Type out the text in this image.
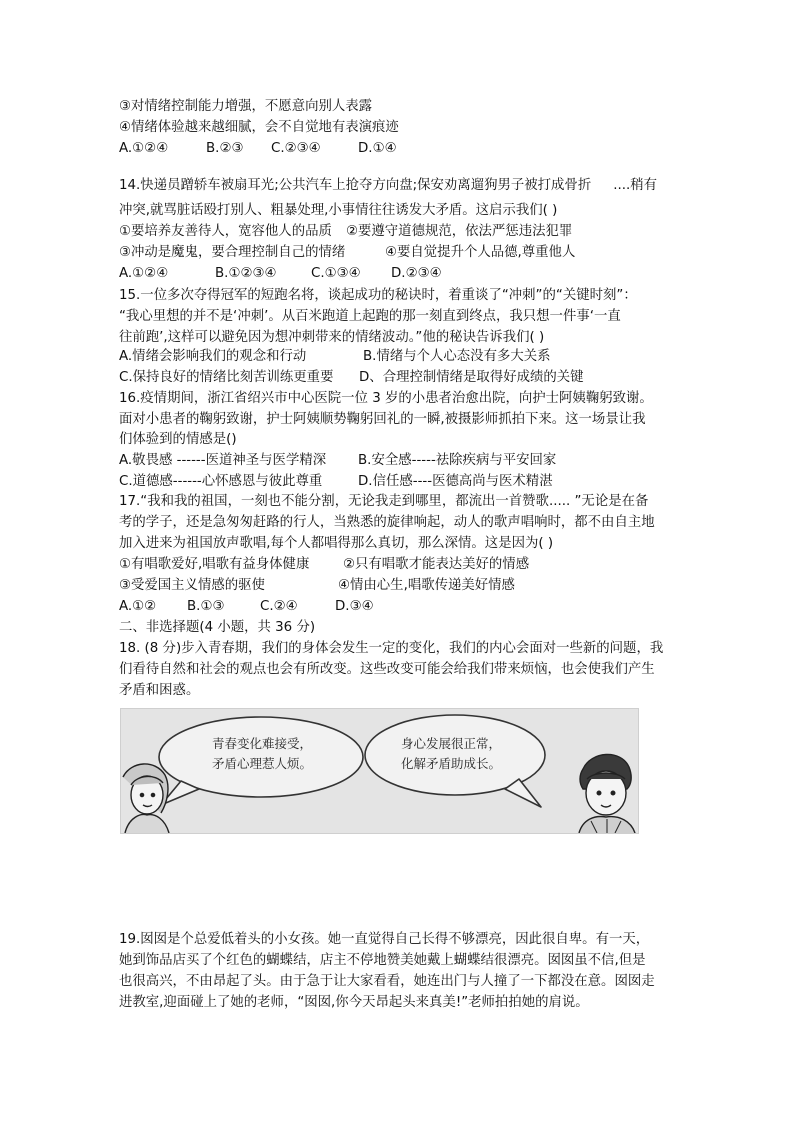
③对情绪控制能力增强，不愿意向别人表露
④情绪体验越来越细腻，会不自觉地有表演痕迹
A.①②④	B.②③ C.②③④	D.①④
14.快递员蹭轿车被扇耳光;公共汽车上抢夺方向盘;保安劝离遛狗男子被打成骨折 ....稍有
冲突,就骂脏话殴打别人、粗暴处理,小事情往往诱发大矛盾。这启示我们( )
①要培养友善待人，宽容他人的品质 ②要遵守道德规范，依法严惩违法犯罪
③冲动是魔鬼，要合理控制自己的情绪	④要自觉提升个人品德,尊重他人
A.①②④	B.①②③④	C.①③④ D.②③④
15.一位多次夺得冠军的短跑名将，谈起成功的秘诀时，着重谈了“冲刺”的“关键时刻”：
“我心里想的并不是‘冲刺’。从百米跑道上起跑的那一刻直到终点，我只想一件事‘一直
往前跑’,这样可以避免因为想冲刺带来的情绪波动。”他的秘诀告诉我们( )
A.情绪会影响我们的观念和行动	B.情绪与个人心态没有多大关系
C.保持良好的情绪比刻苦训练更重要 D、合理控制情绪是取得好成绩的关键
16.疫情期间，浙江省绍兴市中心医院一位 3 岁的小患者治愈出院，向护士阿姨鞠躬致谢。
面对小患者的鞠躬致谢，护士阿姨顺势鞠躬回礼的一瞬,被摄影师抓拍下来。这一场景让我
们体验到的情感是()
A.敬畏感 ------医道神圣与医学精深 B.安全感-----祛除疾病与平安回家
C.道德感------心怀感恩与彼此尊重	D.信任感----医德高尚与医术精湛
17.“我和我的祖国，一刻也不能分割，无论我走到哪里，都流出一首赞歌..... ”无论是在备
考的学子，还是急匆匆赶路的行人，当熟悉的旋律响起，动人的歌声唱响时，都不由自主地
加入进来为祖国放声歌唱,每个人都唱得那么真切，那么深情。这是因为( )
①有唱歌爱好,唱歌有益身体健康	②只有唱歌才能表达美好的情感
③受爱国主义情感的驱使	④情由心生,唱歌传递美好情感
A.①② B.①③	C.②④	D.③④
二、非选择题(4 小题，共 36 分)
18. (8 分)步入青春期，我们的身体会发生一定的变化，我们的内心会面对一些新的问题，我
们看待自然和社会的观点也会有所改变。这些改变可能会给我们带来烦恼，也会使我们产生
矛盾和困惑。
青春变化难接受，
矛盾心理惹人烦。
身心发展很正常，
化解矛盾助成长。
19.囡囡是个总爱低着头的小女孩。她一直觉得自己长得不够漂亮，因此很自卑。有一天，
她到饰品店买了个红色的蝴蝶结，店主不停地赞美她戴上蝴蝶结很漂亮。囡囡虽不信,但是
也很高兴，不由昂起了头。由于急于让大家看看，她连出门与人撞了一下都没在意。囡囡走
进教室,迎面碰上了她的老师，“囡囡,你今天昂起头来真美!”老师拍拍她的肩说。
